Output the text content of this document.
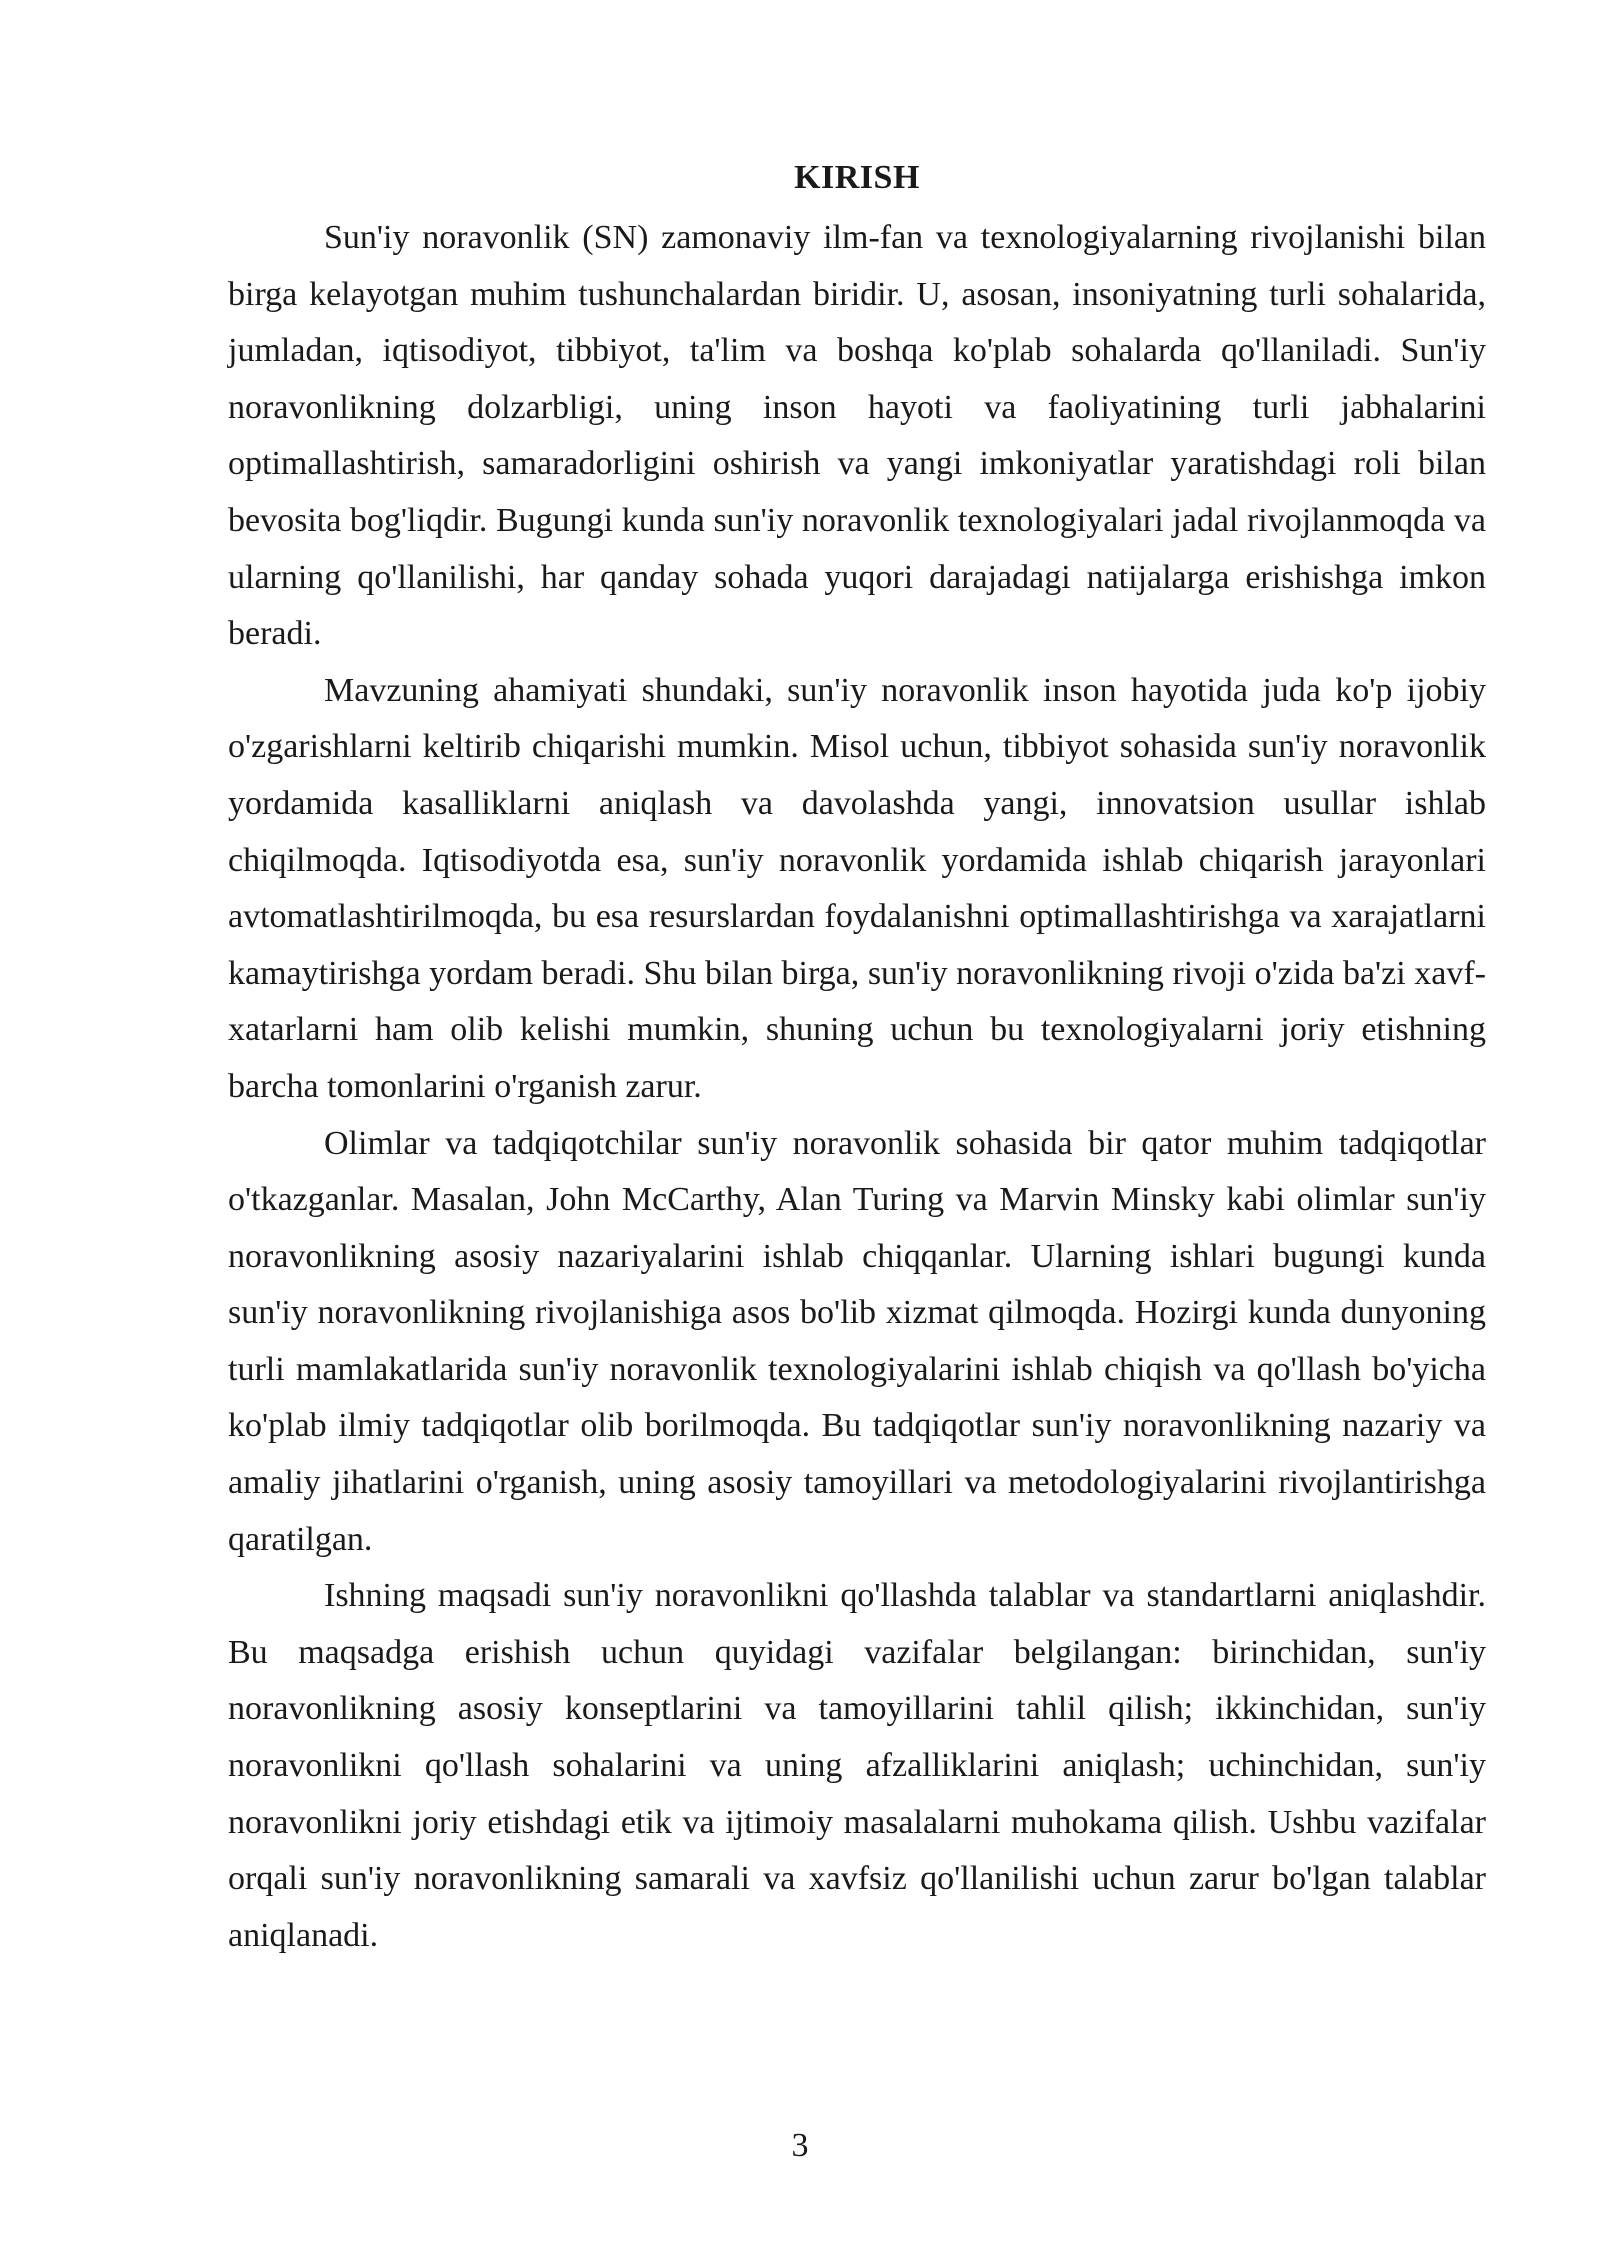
KIRISH

Sun'iy noravonlik (SN) zamonaviy ilm-fan va texnologiyalarning rivojlanishi bilan birga kelayotgan muhim tushunchalardan biridir. U, asosan, insoniyatning turli sohalarida, jumladan, iqtisodiyot, tibbiyot, ta'lim va boshqa ko'plab sohalarda qo'llaniladi. Sun'iy noravonlikning dolzarbligi, uning inson hayoti va faoliyatining turli jabhalarini optimallashtirish, samaradorligini oshirish va yangi imkoniyatlar yaratishdagi roli bilan bevosita bog'liqdir. Bugungi kunda sun'iy noravonlik texnologiyalari jadal rivojlanmoqda va ularning qo'llanilishi, har qanday sohada yuqori darajadagi natijalarga erishishga imkon beradi.

Mavzuning ahamiyati shundaki, sun'iy noravonlik inson hayotida juda ko'p ijobiy o'zgarishlarni keltirib chiqarishi mumkin. Misol uchun, tibbiyot sohasida sun'iy noravonlik yordamida kasalliklarni aniqlash va davolashda yangi, innovatsion usullar ishlab chiqilmoqda. Iqtisodiyotda esa, sun'iy noravonlik yordamida ishlab chiqarish jarayonlari avtomatlashtirilmoqda, bu esa resurslardan foydalanishni optimallashtirishga va xarajatlarni kamaytirishga yordam beradi. Shu bilan birga, sun'iy noravonlikning rivoji o'zida ba'zi xavf-xatarlarni ham olib kelishi mumkin, shuning uchun bu texnologiyalarni joriy etishning barcha tomonlarini o'rganish zarur.

Olimlar va tadqiqotchilar sun'iy noravonlik sohasida bir qator muhim tadqiqotlar o'tkazganlar. Masalan, John McCarthy, Alan Turing va Marvin Minsky kabi olimlar sun'iy noravonlikning asosiy nazariyalarini ishlab chiqqanlar. Ularning ishlari bugungi kunda sun'iy noravonlikning rivojlanishiga asos bo'lib xizmat qilmoqda. Hozirgi kunda dunyoning turli mamlakatlarida sun'iy noravonlik texnologiyalarini ishlab chiqish va qo'llash bo'yicha ko'plab ilmiy tadqiqotlar olib borilmoqda. Bu tadqiqotlar sun'iy noravonlikning nazariy va amaliy jihatlarini o'rganish, uning asosiy tamoyillari va metodologiyalarini rivojlantirishga qaratilgan.

Ishning maqsadi sun'iy noravonlikni qo'llashda talablar va standartlarni aniqlashdir. Bu maqsadga erishish uchun quyidagi vazifalar belgilangan: birinchidan, sun'iy noravonlikning asosiy konseptlarini va tamoyillarini tahlil qilish; ikkinchidan, sun'iy noravonlikni qo'llash sohalarini va uning afzalliklarini aniqlash; uchinchidan, sun'iy noravonlikni joriy etishdagi etik va ijtimoiy masalalarni muhokama qilish. Ushbu vazifalar orqali sun'iy noravonlikning samarali va xavfsiz qo'llanilishi uchun zarur bo'lgan talablar aniqlanadi.

3
